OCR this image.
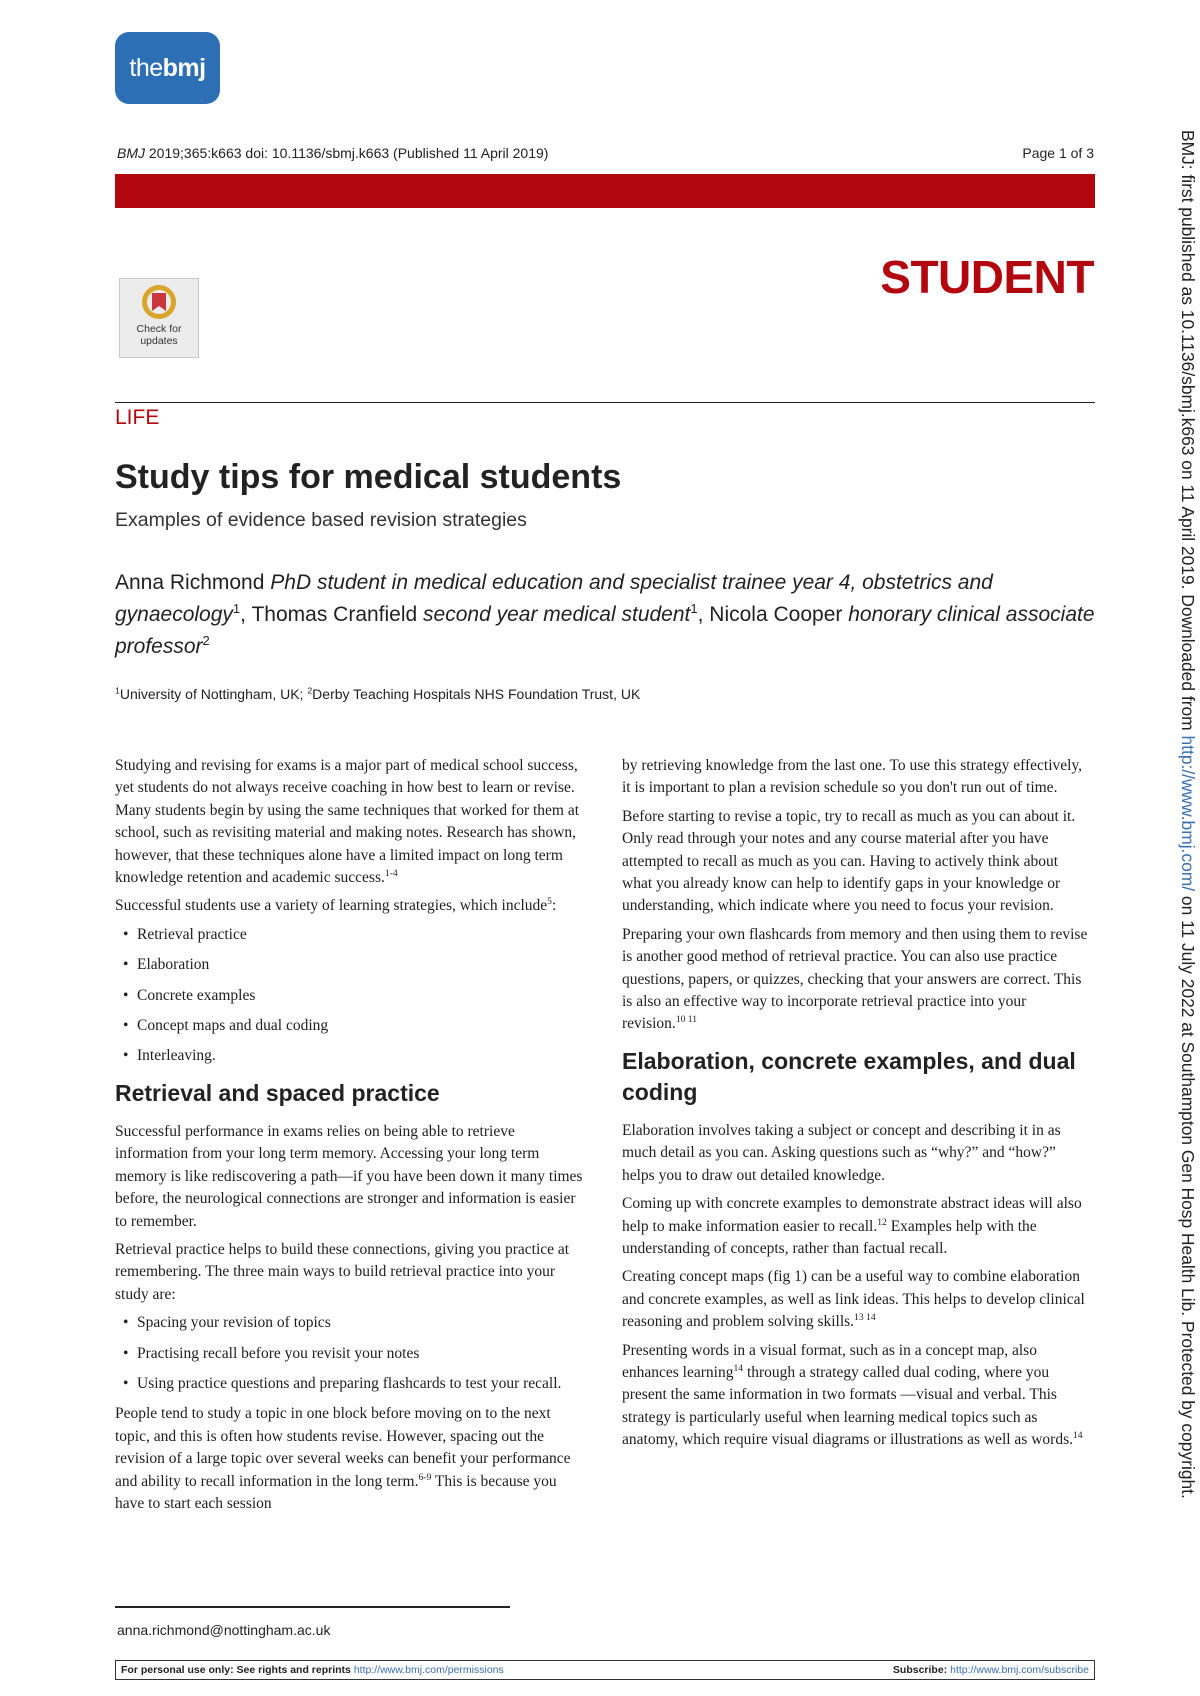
the bmj
BMJ 2019;365:k663 doi: 10.1136/sbmj.k663 (Published 11 April 2019)	Page 1 of 3
STUDENT
Check for
updates
LIFE
Study tips for medical students
Examples of evidence based revision strategies
Anna Richmond PhD student in medical education and specialist trainee year 4, obstetrics and gynaecology$^1$, Thomas Cranfield second year medical student$^1$, Nicola Cooper honorary clinical associate professor$^2$
$^1$University of Nottingham, UK; $^2$Derby Teaching Hospitals NHS Foundation Trust, UK

Studying and revising for exams is a major part of medical school success, yet students do not always receive coaching in how best to learn or revise. Many students begin by using the same techniques that worked for them at school, such as revisiting material and making notes. Research has shown, however, that these techniques alone have a limited impact on long term knowledge retention and academic success.$^{1-4}$

Successful students use a variety of learning strategies, which include$^5$:

• Retrieval practice
• Elaboration
• Concrete examples
• Concept maps and dual coding
• Interleaving.
Retrieval and spaced practice

Successful performance in exams relies on being able to retrieve information from your long term memory. Accessing your long term memory is like rediscovering a path—if you have been down it many times before, the neurological connections are stronger and information is easier to remember.

Retrieval practice helps to build these connections, giving you practice at remembering. The three main ways to build retrieval practice into your study are:

• Spacing your revision of topics
• Practising recall before you revisit your notes
• Using practice questions and preparing flashcards to test your recall.

People tend to study a topic in one block before moving on to the next topic, and this is often how students revise. However, spacing out the revision of a large topic over several weeks can benefit your performance and ability to recall information in the long term.$^{6-9}$ This is because you have to start each session

by retrieving knowledge from the last one. To use this strategy effectively, it is important to plan a revision schedule so you don't run out of time.

Before starting to revise a topic, try to recall as much as you can about it. Only read through your notes and any course material after you have attempted to recall as much as you can. Having to actively think about what you already know can help to identify gaps in your knowledge or understanding, which indicate where you need to focus your revision.

Preparing your own flashcards from memory and then using them to revise is another good method of retrieval practice. You can also use practice questions, papers, or quizzes, checking that your answers are correct. This is also an effective way to incorporate retrieval practice into your revision.$^{10 11}$

Elaboration, concrete examples, and dual coding

Elaboration involves taking a subject or concept and describing it in as much detail as you can. Asking questions such as “why?” and “how?” helps you to draw out detailed knowledge.

Coming up with concrete examples to demonstrate abstract ideas will also help to make information easier to recall.$^{12}$ Examples help with the understanding of concepts, rather than factual recall.

Creating concept maps (fig 1) can be a useful way to combine elaboration and concrete examples, as well as link ideas. This helps to develop clinical reasoning and problem solving skills.$^{13 14}$

Presenting words in a visual format, such as in a concept map, also enhances learning$^{14}$ through a strategy called dual coding, where you present the same information in two formats —visual and verbal. This strategy is particularly useful when learning medical topics such as anatomy, which require visual diagrams or illustrations as well as words.$^{14}$

anna.richmond@nottingham.ac.uk
For personal use only: See rights and reprints http://www.bmj.com/permissions	Subscribe: http://www.bmj.com/subscribe
BMJ: first published as 10.1136/sbmj.k663 on 11 April 2019. Downloaded from http://www.bmj.com/ on 11 July 2022 at Southampton Gen Hosp Health Lib. Protected by copyright.
